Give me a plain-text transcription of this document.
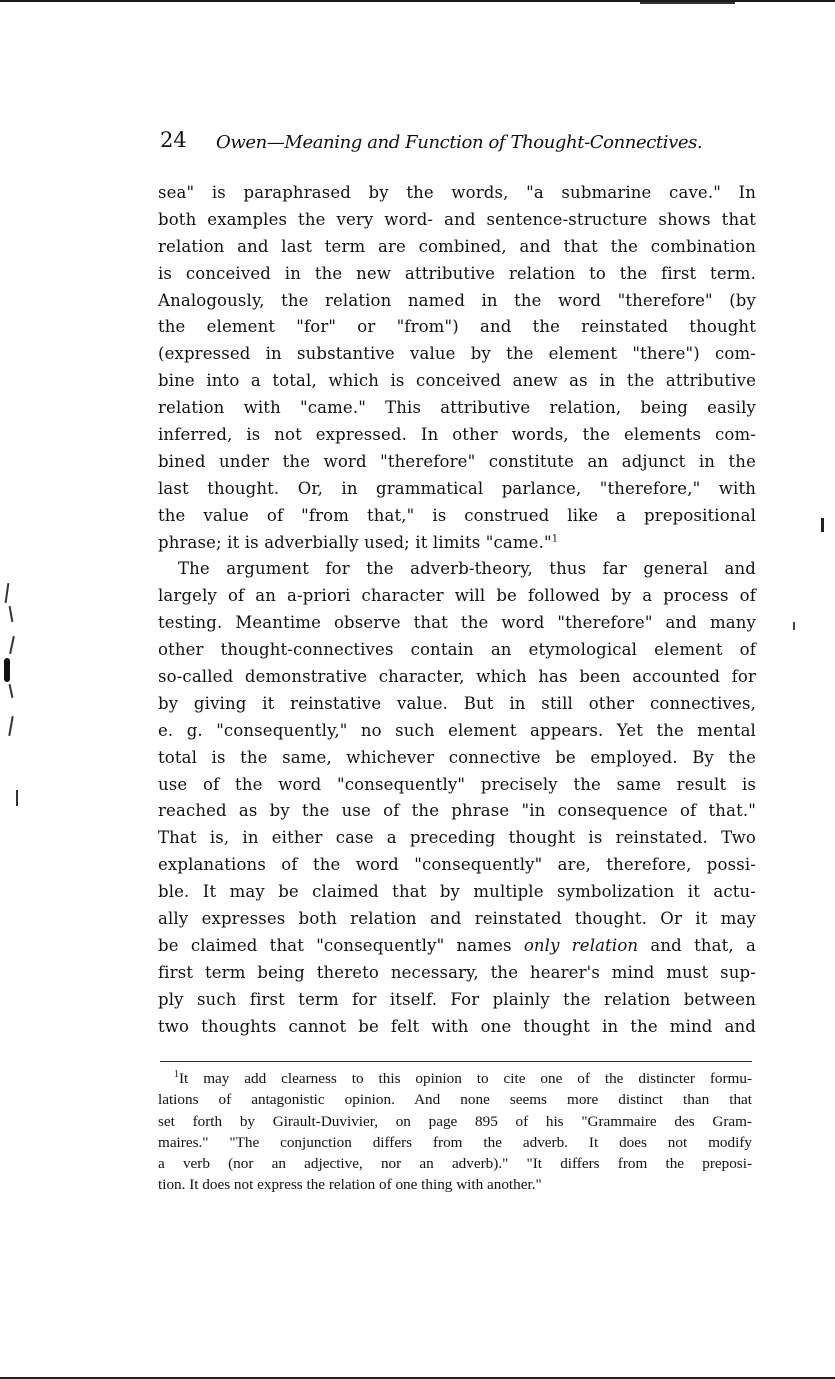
24 Owen—Meaning and Function of Thought-Connectives.
sea" is paraphrased by the words, "a submarine cave." In
both examples the very word- and sentence-structure shows that
relation and last term are combined, and that the combination
is conceived in the new attributive relation to the first term.
Analogously, the relation named in the word "therefore" (by
the element "for" or "from") and the reinstated thought
(expressed in substantive value by the element "there") com-
bine into a total, which is conceived anew as in the attributive
relation with "came." This attributive relation, being easily
inferred, is not expressed. In other words, the elements com-
bined under the word "therefore" constitute an adjunct in the
last thought. Or, in grammatical parlance, "therefore," with
the value of "from that," is construed like a prepositional
phrase; it is adverbially used; it limits "came."$^1$
The argument for the adverb-theory, thus far general and
largely of an a-priori character will be followed by a process of
testing. Meantime observe that the word "therefore" and many
other thought-connectives contain an etymological element of
so-called demonstrative character, which has been accounted for
by giving it reinstative value. But in still other connectives,
e. g. "consequently," no such element appears. Yet the mental
total is the same, whichever connective be employed. By the
use of the word "consequently" precisely the same result is
reached as by the use of the phrase "in consequence of that."
That is, in either case a preceding thought is reinstated. Two
explanations of the word "consequently" are, therefore, possi-
ble. It may be claimed that by multiple symbolization it actu-
ally expresses both relation and reinstated thought. Or it may
be claimed that "consequently" names only relation and that, a
first term being thereto necessary, the hearer's mind must sup-
ply such first term for itself. For plainly the relation between
two thoughts cannot be felt with one thought in the mind and
$^1$It may add clearness to this opinion to cite one of the distincter formu-
lations of antagonistic opinion. And none seems more distinct than that
set forth by Girault-Duvivier, on page 895 of his "Grammaire des Gram-
maires." "The conjunction differs from the adverb. It does not modify
a verb (nor an adjective, nor an adverb)." "It differs from the preposi-
tion. It does not express the relation of one thing with another."
